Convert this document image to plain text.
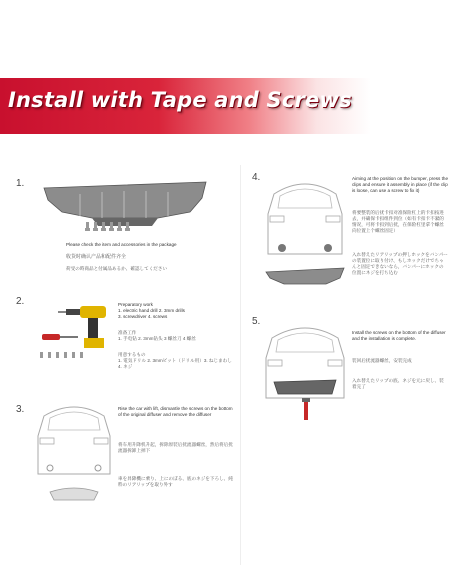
Install with Tape and Screws
1.
Please check the item and accessories in the package
收货时确认产品和配件齐全
荷受の時商品と付属品あるか、確認してください
2.	Preparatory work
1. electric hand drill 2. 3mm drills
3. screwdriver 4. screws
准备工作
1. 手电钻 2. 3mm钻头 3 螺丝刀 4 螺丝
用意するもの
1. 電気ドリル 2. 3mmビット（ドリル用）3. ねじまわし 4. ネジ
3.	Rise the car with lift, dismantle the screws on the bottom of the original diffuser and remove the diffuser
将车用升降机升起，拆除原装后扰流器螺丝，然后将后扰流器拆卸上掉下
車を昇降機に乗り、上にのぼる、底のネジを下ろし、純粋のリアリップを取り外す
4.	Aiming at the position on the bumper, press the clips and ensure it assembly in place (if the clip is loose, can use a screw to fix it)
将要整装的后扰卡扣对准保险杠上的卡扣按进去，并确保卡扣组件到位（如有卡扣卡不紧的情况，可将卡扣到后扰，在保险杠里拿个螺丝向位置上个螺丝固定）
入れ替えたリアリップの押しホックをバンパーの装置位に取り付け、もしホックだけでちゃんと固定できないなら，バンパーにホックの位置にネジを打ち込む
5.
Install the screws on the bottom of the diffuser and the installation is complete.
装回后扰流器螺丝，安装完成
入れ替えたリップの底、ネジを元に戻し、装着完了
